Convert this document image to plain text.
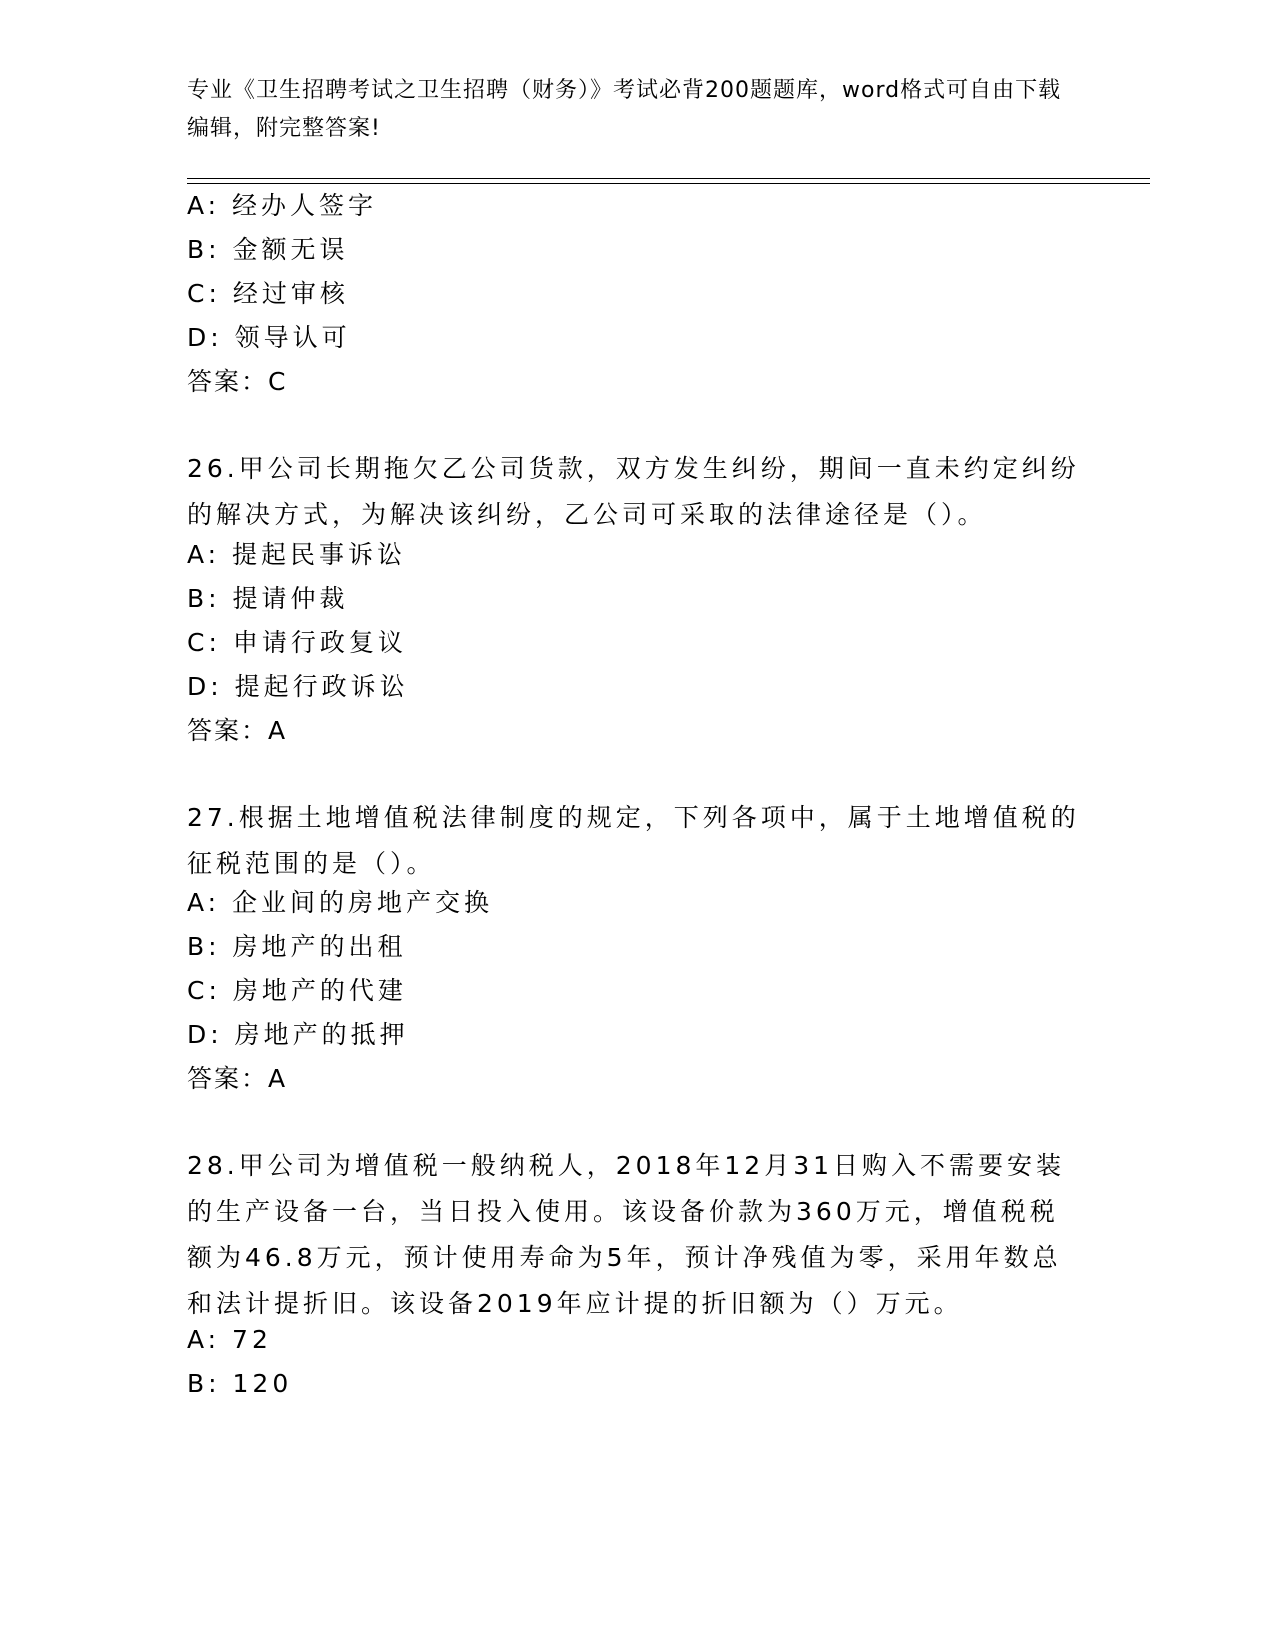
专业《卫生招聘考试之卫生招聘（财务）》考试必背200题题库，word格式可自由下载编辑，附完整答案!
A: 经办人签字
B: 金额无误
C: 经过审核
D: 领导认可
答案：C
26.甲公司长期拖欠乙公司货款，双方发生纠纷，期间一直未约定纠纷的解决方式，为解决该纠纷，乙公司可采取的法律途径是（）。
A: 提起民事诉讼
B: 提请仲裁
C: 申请行政复议
D: 提起行政诉讼
答案：A
27.根据土地增值税法律制度的规定，下列各项中，属于土地增值税的征税范围的是（）。
A: 企业间的房地产交换
B: 房地产的出租
C: 房地产的代建
D: 房地产的抵押
答案：A
28.甲公司为增值税一般纳税人，2018年12月31日购入不需要安装的生产设备一台，当日投入使用。该设备价款为360万元，增值税税额为46.8万元，预计使用寿命为5年，预计净残值为零，采用年数总和法计提折旧。该设备2019年应计提的折旧额为（）万元。
A: 72
B: 120
